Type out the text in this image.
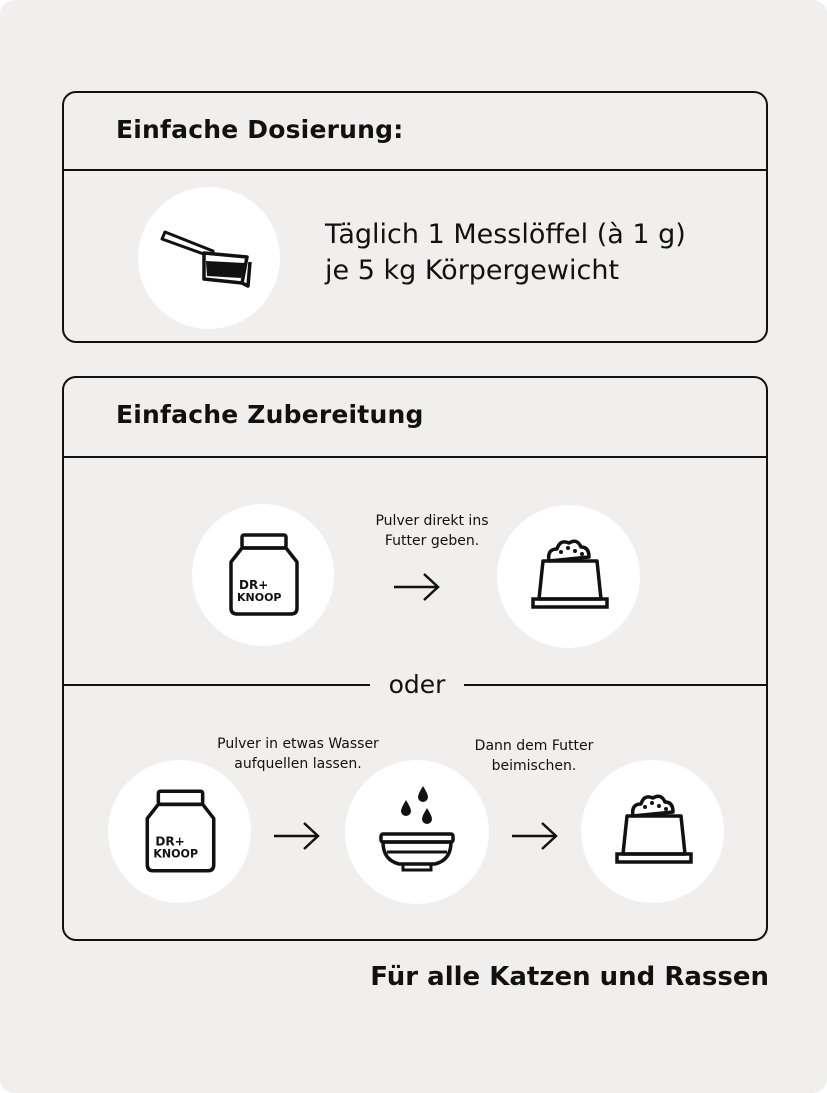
Einfache Dosierung:
Täglich 1 Messlöffel (à 1 g)
je 5 kg Körpergewicht
Einfache Zubereitung
DR+
KNOOP
Pulver direkt ins
Futter geben.
oder
DR+
KNOOP
Pulver in etwas Wasser
aufquellen lassen.
Dann dem Futter
beimischen.
Für alle Katzen und Rassen
